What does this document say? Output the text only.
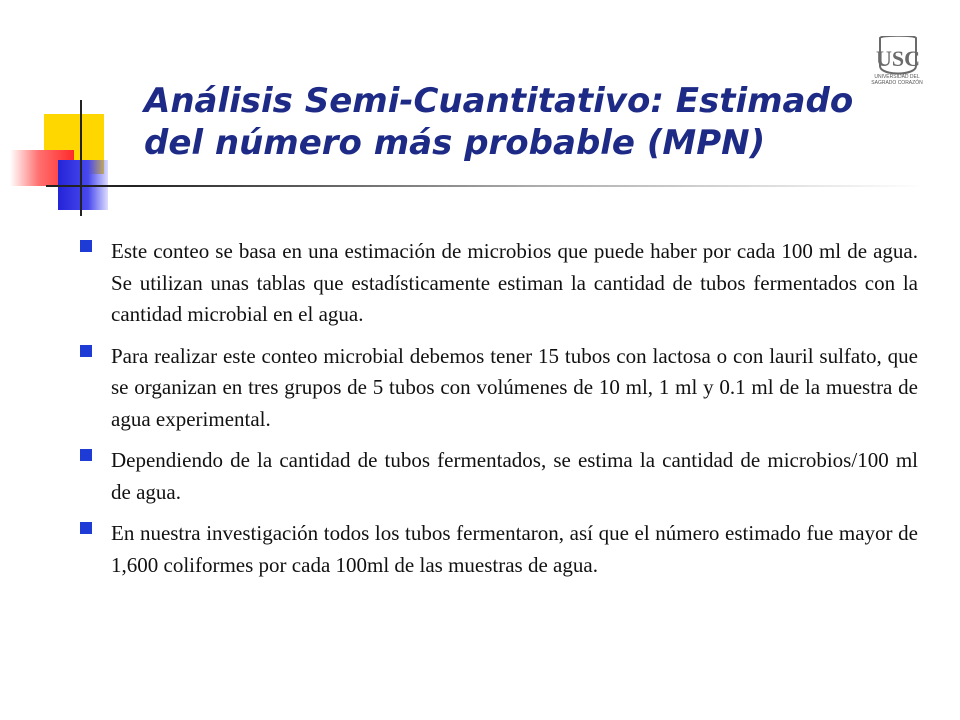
USC
UNIVERSIDAD DEL
SAGRADO CORAZÓN
Análisis Semi-Cuantitativo: Estimado
del número más probable (MPN)
Este conteo se basa en una estimación de microbios que puede haber por cada 100 ml de agua. Se utilizan unas tablas que estadísticamente estiman la cantidad de tubos fermentados con la cantidad microbial en el agua.
Para realizar este conteo microbial debemos tener 15 tubos con lactosa o con lauril sulfato, que se organizan en tres grupos de 5 tubos con volúmenes de 10 ml, 1 ml y 0.1 ml de la muestra de agua experimental.
Dependiendo de la cantidad de tubos fermentados, se estima la cantidad de microbios/100 ml de agua.
En nuestra investigación todos los tubos fermentaron, así que el número estimado fue mayor de 1,600 coliformes por cada 100ml de las muestras de agua.
